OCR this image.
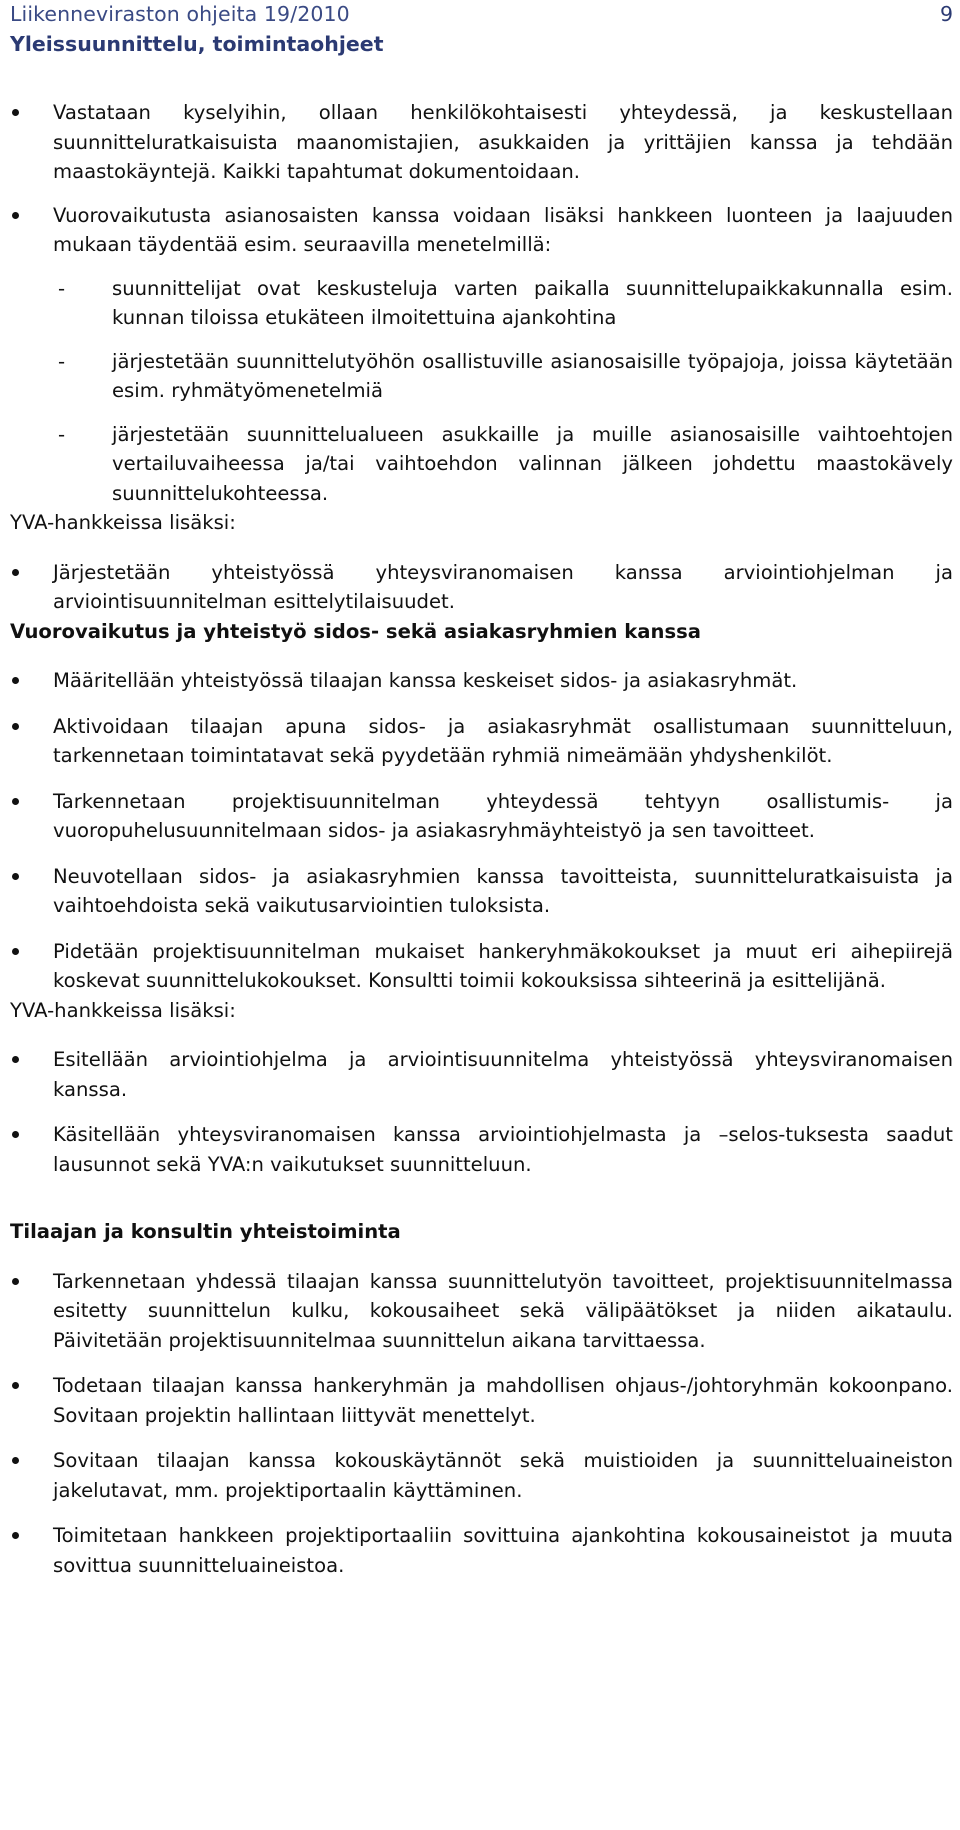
Liikenneviraston ohjeita 19/2010
Yleissuunnittelu, toimintaohjeet
9
Vastataan kyselyihin, ollaan henkilökohtaisesti yhteydessä, ja keskustellaan suunnitteluratkaisuista maanomistajien, asukkaiden ja yrittäjien kanssa ja tehdään maastokäyntejä. Kaikki tapahtumat dokumentoidaan.
Vuorovaikutusta asianosaisten kanssa voidaan lisäksi hankkeen luonteen ja laajuuden mukaan täydentää esim. seuraavilla menetelmillä:
- suunnittelijat ovat keskusteluja varten paikalla suunnittelupaikkakunnalla esim. kunnan tiloissa etukäteen ilmoitettuina ajankohtina
- järjestetään suunnittelutyöhön osallistuville asianosaisille työpajoja, joissa käytetään esim. ryhmätyömenetelmiä
- järjestetään suunnittelualueen asukkaille ja muille asianosaisille vaihtoehtojen vertailuvaiheessa ja/tai vaihtoehdon valinnan jälkeen johdettu maastokävely suunnittelukohteessa.

YVA-hankkeissa lisäksi:

Järjestetään yhteistyössä yhteysviranomaisen kanssa arviointiohjelman ja arviointisuunnitelman esittelytilaisuudet.

Vuorovaikutus ja yhteistyö sidos- sekä asiakasryhmien kanssa

Määritellään yhteistyössä tilaajan kanssa keskeiset sidos- ja asiakasryhmät.
Aktivoidaan tilaajan apuna sidos- ja asiakasryhmät osallistumaan suunnitteluun, tarkennetaan toimintatavat sekä pyydetään ryhmiä nimeämään yhdyshenkilöt.
Tarkennetaan projektisuunnitelman yhteydessä tehtyyn osallistumis- ja vuoropuhelusuunnitelmaan sidos- ja asiakasryhmäyhteistyö ja sen tavoitteet.
Neuvotellaan sidos- ja asiakasryhmien kanssa tavoitteista, suunnitteluratkaisuista ja vaihtoehdoista sekä vaikutusarviointien tuloksista.
Pidetään projektisuunnitelman mukaiset hankeryhmäkokoukset ja muut eri aihepiirejä koskevat suunnittelukokoukset. Konsultti toimii kokouksissa sihteerinä ja esittelijänä.

YVA-hankkeissa lisäksi:

Esitellään arviointiohjelma ja arviointisuunnitelma yhteistyössä yhteysviranomaisen kanssa.
Käsitellään yhteysviranomaisen kanssa arviointiohjelmasta ja –selos-tuksesta saadut lausunnot sekä YVA:n vaikutukset suunnitteluun.

Tilaajan ja konsultin yhteistoiminta

Tarkennetaan yhdessä tilaajan kanssa suunnittelutyön tavoitteet, projektisuunnitelmassa esitetty suunnittelun kulku, kokousaiheet sekä välipäätökset ja niiden aikataulu. Päivitetään projektisuunnitelmaa suunnittelun aikana tarvittaessa.
Todetaan tilaajan kanssa hankeryhmän ja mahdollisen ohjaus-/johtoryhmän kokoonpano. Sovitaan projektin hallintaan liittyvät menettelyt.
Sovitaan tilaajan kanssa kokouskäytännöt sekä muistioiden ja suunnitteluaineiston jakelutavat, mm. projektiportaalin käyttäminen.
Toimitetaan hankkeen projektiportaaliin sovittuina ajankohtina kokousaineistot ja muuta sovittua suunnitteluaineistoa.
